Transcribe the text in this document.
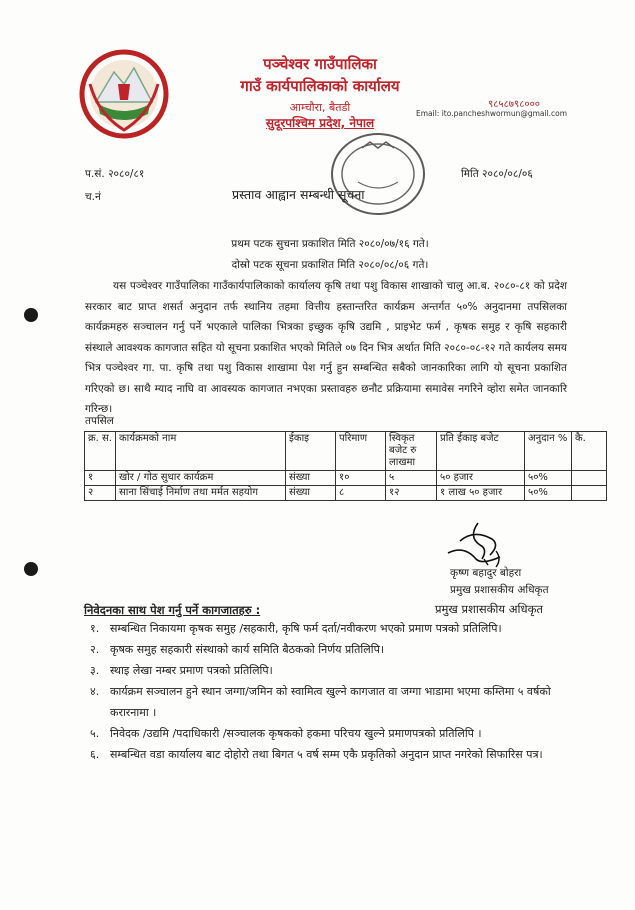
पञ्चेश्वर गाउँपालिका
गाउँ कार्यपालिकाको कार्यालय
आम्चौरा, बैतडी
सुदूरपश्चिम प्रदेश, नेपाल
९८५८७९८०००
Email: ito.pancheshwormun@gmail.com
प.सं. २०८०/८१
च.नं
मिति २०८०/०८/०६
प्रस्ताव आह्वान सम्बन्धी सूचना
प्रथम पटक सुचना प्रकाशित मिति २०८०/०७/१६ गते।
दोस्रो पटक सूचना प्रकाशित मिति २०८०/०८/०६ गते।

यस पञ्चेश्वर गाउँपालिका गाउँकार्यपालिकाको कार्यालय कृषि तथा पशु विकास शाखाको चालु आ.ब. २०८०-८१ को प्रदेश सरकार बाट प्राप्त शसर्त अनुदान तर्फ स्थानिय तहमा वित्तीय हस्तान्तरित कार्यक्रम अन्तर्गत ५०% अनुदानमा तपसिलका कार्यक्रमहरु सञ्चालन गर्नु पर्ने भएकाले पालिका भित्रका इच्छुक कृषि उद्यमि , प्राइभेट फर्म , कृषक समुह र कृषि सहकारी संस्थाले आवश्यक कागजात सहित यो सूचना प्रकाशित भएको मितिले ०७ दिन भित्र अर्थात मिति २०८०-०८-१२ गते कार्यलय समय भित्र पञ्चेश्वर गा. पा. कृषि तथा पशु विकास शाखामा पेश गर्नु हुन सम्बन्धित सबैको जानकारिका लागि यो सूचना प्रकाशित गरिएको छ। साथै म्याद नाघि वा आवस्यक कागजात नभएका प्रस्तावहरु छनौट प्रक्रियामा समावेस नगरिने व्होरा समेत जानकारि गरिन्छ।

तपसिल
क्र. स.	कार्यक्रमको नाम	ईकाइ	परिमाण	स्विकृत बजेट रु लाखमा	प्रति ईकाइ बजेट	अनुदान %	कै.
१	खोर / गोठ सुधार कार्यक्रम	संख्या	१०	५	५० हजार	५०%	
२	साना सिंचाई निर्माण तथा मर्मत सहयोग	संख्या	८	१२	१ लाख ५० हजार	५०%	
कृष्ण बहादुर बोहरा
प्रमुख प्रशासकीय अधिकृत
प्रमुख प्रशासकीय अधिकृत
निवेदनका साथ पेश गर्नु पर्ने कागजातहरु :
१. सम्बन्धित निकायमा कृषक समुह /सहकारी, कृषि फर्म दर्ता/नवीकरण भएको प्रमाण पत्रको प्रतिलिपि।
२. कृषक समुह सहकारी संस्थाको कार्य समिति बैठकको निर्णय प्रतिलिपि।
३. स्थाइ लेखा नम्बर प्रमाण पत्रको प्रतिलिपि।
४. कार्यक्रम सञ्चालन हुने स्थान जग्गा/जमिन को स्वामित्व खुल्ने कागजात वा जग्गा भाडामा भएमा कम्तिमा ५ वर्षको करारनामा ।
५. निवेदक /उद्यमि /पदाधिकारी /सञ्चालक कृषकको हकमा परिचय खुल्ने प्रमाणपत्रको प्रतिलिपि ।
६. सम्बन्धित वडा कार्यालय बाट दोहोरो तथा बिगत ५ वर्ष सम्म एकै प्रकृतिको अनुदान प्राप्त नगरेको सिफारिस पत्र।
